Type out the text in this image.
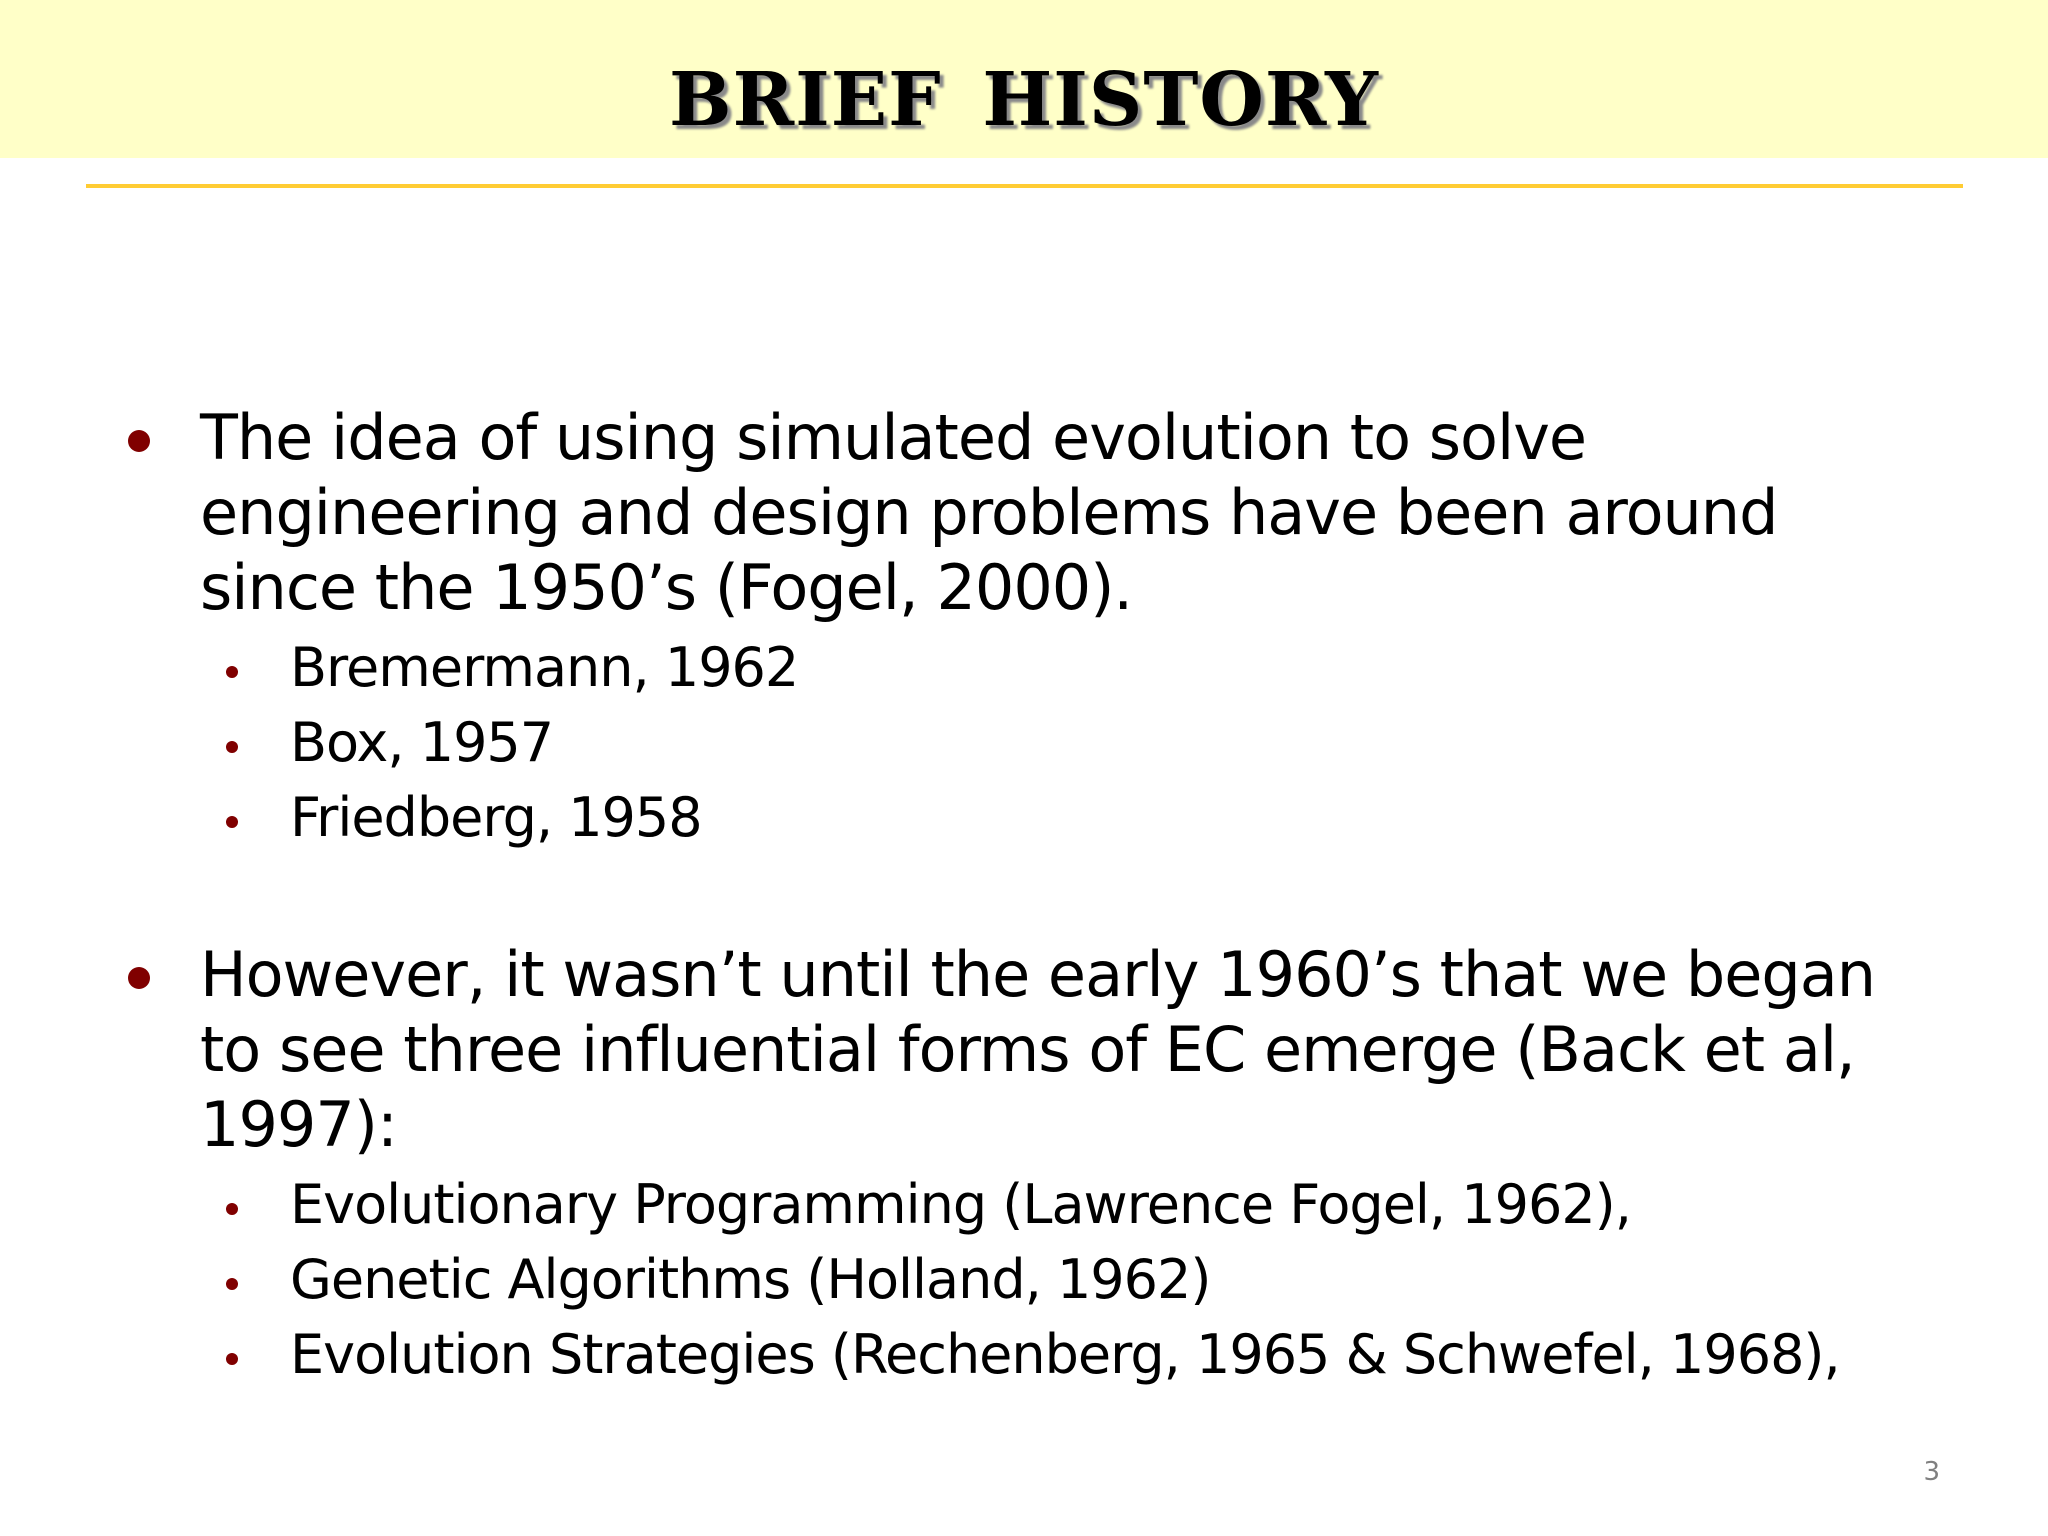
BRIEF HISTORY
The idea of using simulated evolution to solve
engineering and design problems have been around
since the 1950’s (Fogel, 2000).
Bremermann, 1962
Box, 1957
Friedberg, 1958
However, it wasn’t until the early 1960’s that we began
to see three influential forms of EC emerge (Back et al,
1997):
Evolutionary Programming (Lawrence Fogel, 1962),
Genetic Algorithms (Holland, 1962)
Evolution Strategies (Rechenberg, 1965 & Schwefel, 1968),
3
